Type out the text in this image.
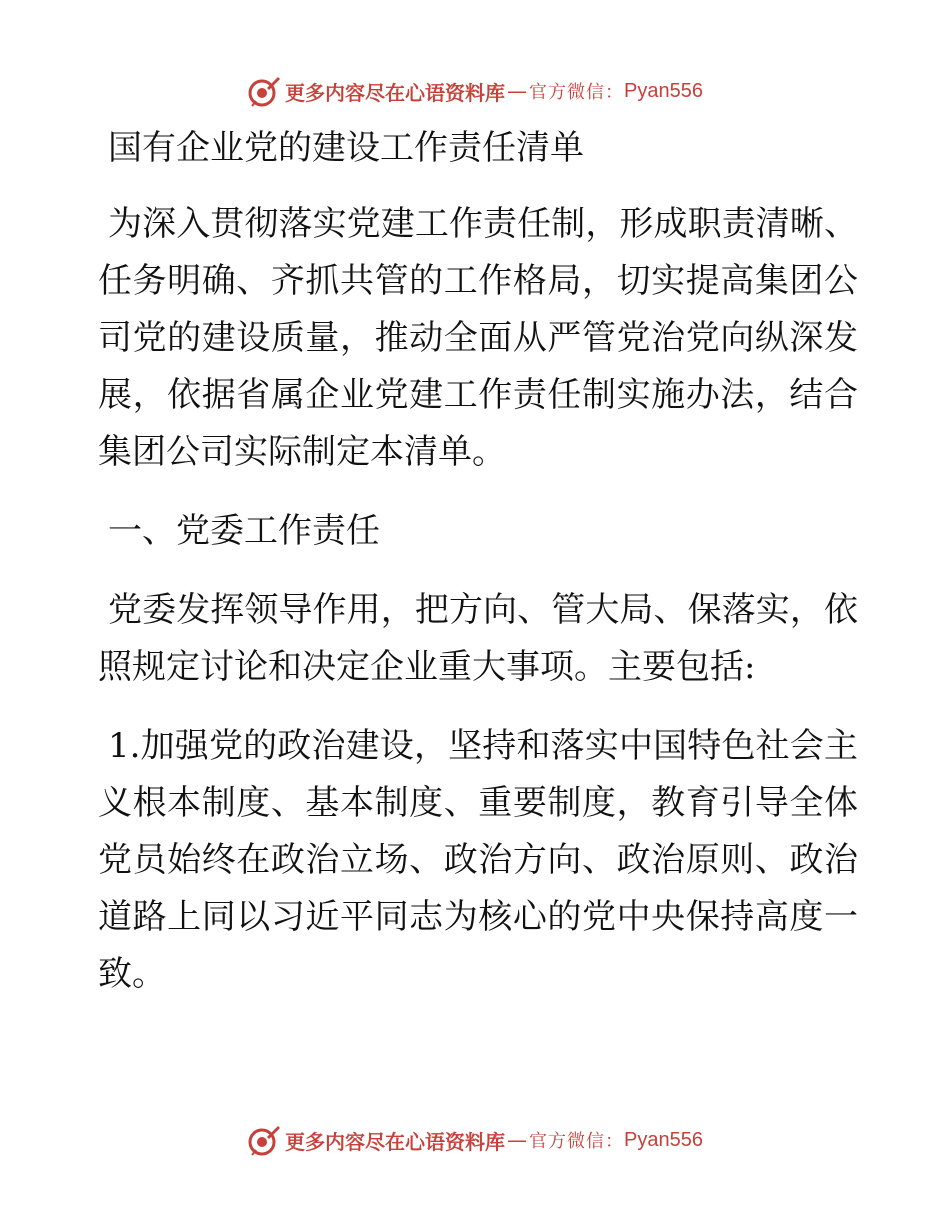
更多内容尽在心语资料库 — 官方微信： Pyan556
国有企业党的建设工作责任清单

为深入贯彻落实党建工作责任制，形成职责清晰、任务明确、齐抓共管的工作格局，切实提高集团公司党的建设质量，推动全面从严管党治党向纵深发展，依据省属企业党建工作责任制实施办法，结合集团公司实际制定本清单。

一、党委工作责任

党委发挥领导作用，把方向、管大局、保落实，依照规定讨论和决定企业重大事项。主要包括:

1.加强党的政治建设，坚持和落实中国特色社会主义根本制度、基本制度、重要制度，教育引导全体党员始终在政治立场、政治方向、政治原则、政治道路上同以习近平同志为核心的党中央保持高度一致。

更多内容尽在心语资料库 — 官方微信： Pyan556
